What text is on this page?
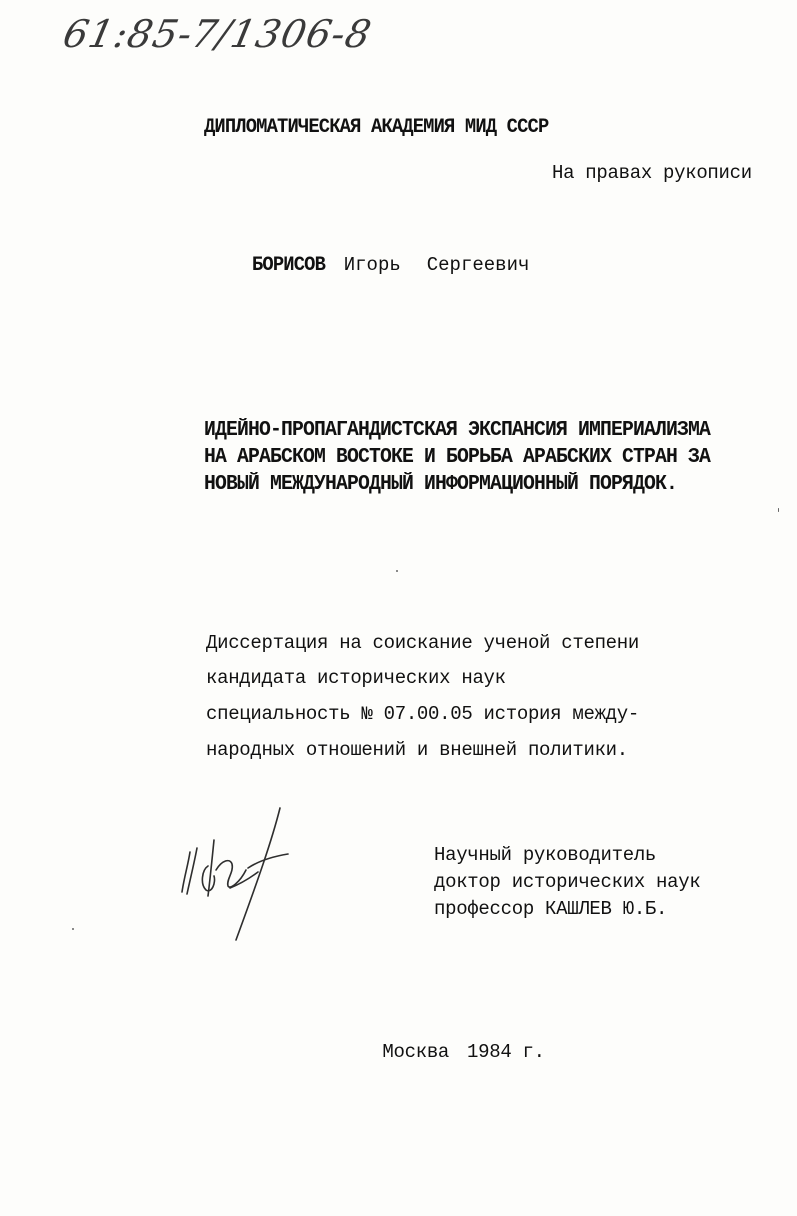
61:85-7/1306-8
ДИПЛОМАТИЧЕСКАЯ АКАДЕМИЯ МИД СССР
На правах рукописи

БОРИСОВ Игорь Сергеевич

ИДЕЙНО-ПРОПАГАНДИСТСКАЯ ЭКСПАНСИЯ ИМПЕРИАЛИЗМА
НА АРАБСКОМ ВОСТОКЕ И БОРЬБА АРАБСКИХ СТРАН ЗА
НОВЫЙ МЕЖДУНАРОДНЫЙ ИНФОРМАЦИОННЫЙ ПОРЯДОК.
Диссертация на соискание ученой степени
кандидата исторических наук
специальность № 07.00.05 история между-
народных отношений и внешней политики.
Научный руководитель
доктор исторических наук
профессор КАШЛЕВ Ю.Б.

Москва 1984 г.
